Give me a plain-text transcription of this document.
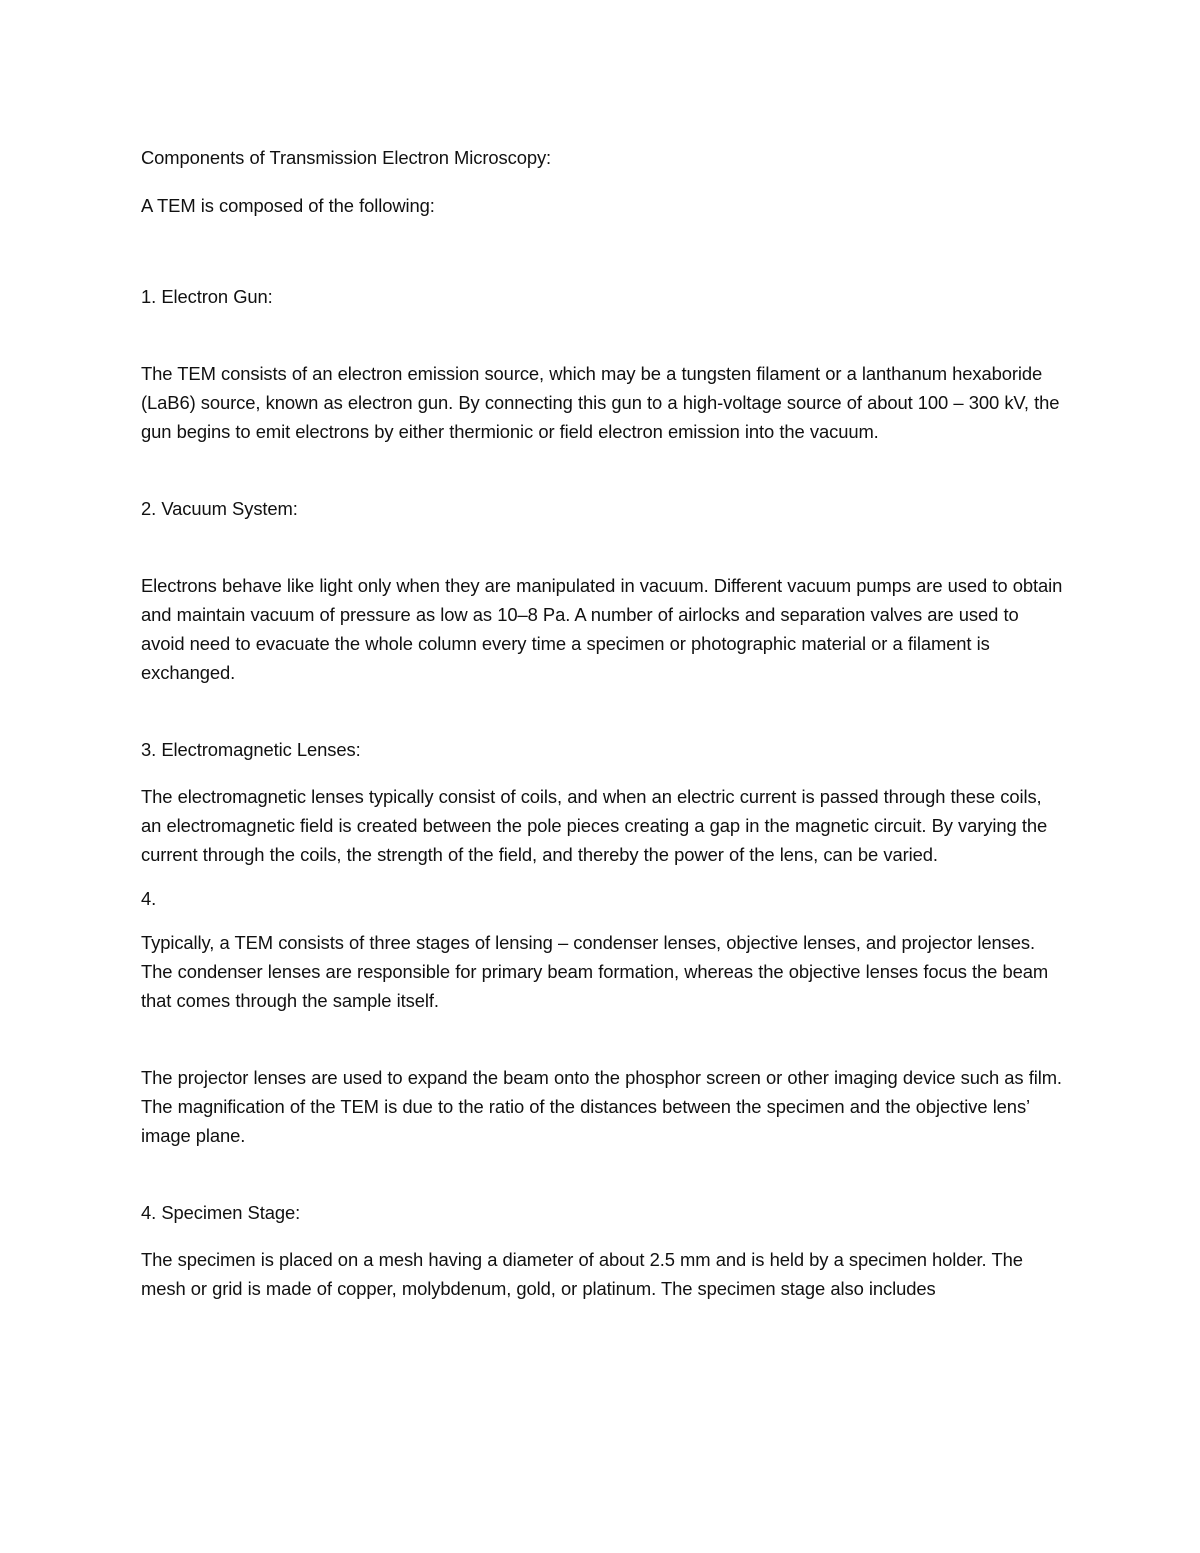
Components of Transmission Electron Microscopy:

A TEM is composed of the following:

1. Electron Gun:

The TEM consists of an electron emission source, which may be a tungsten filament or a lanthanum hexaboride (LaB6) source, known as electron gun. By connecting this gun to a high-voltage source of about 100 – 300 kV, the gun begins to emit electrons by either thermionic or field electron emission into the vacuum.

2. Vacuum System:

Electrons behave like light only when they are manipulated in vacuum. Different vacuum pumps are used to obtain and maintain vacuum of pressure as low as 10–8 Pa. A number of airlocks and separation valves are used to avoid need to evacuate the whole column every time a specimen or photographic material or a filament is exchanged.

3. Electromagnetic Lenses:

The electromagnetic lenses typically consist of coils, and when an electric current is passed through these coils, an electromagnetic field is created between the pole pieces creating a gap in the magnetic circuit. By varying the current through the coils, the strength of the field, and thereby the power of the lens, can be varied.

4.

Typically, a TEM consists of three stages of lensing – condenser lenses, objective lenses, and projector lenses. The condenser lenses are responsible for primary beam formation, whereas the objective lenses focus the beam that comes through the sample itself.

The projector lenses are used to expand the beam onto the phosphor screen or other imaging device such as film. The magnification of the TEM is due to the ratio of the distances between the specimen and the objective lens’ image plane.

4. Specimen Stage:

The specimen is placed on a mesh having a diameter of about 2.5 mm and is held by a specimen holder. The mesh or grid is made of copper, molybdenum, gold, or platinum. The specimen stage also includes
